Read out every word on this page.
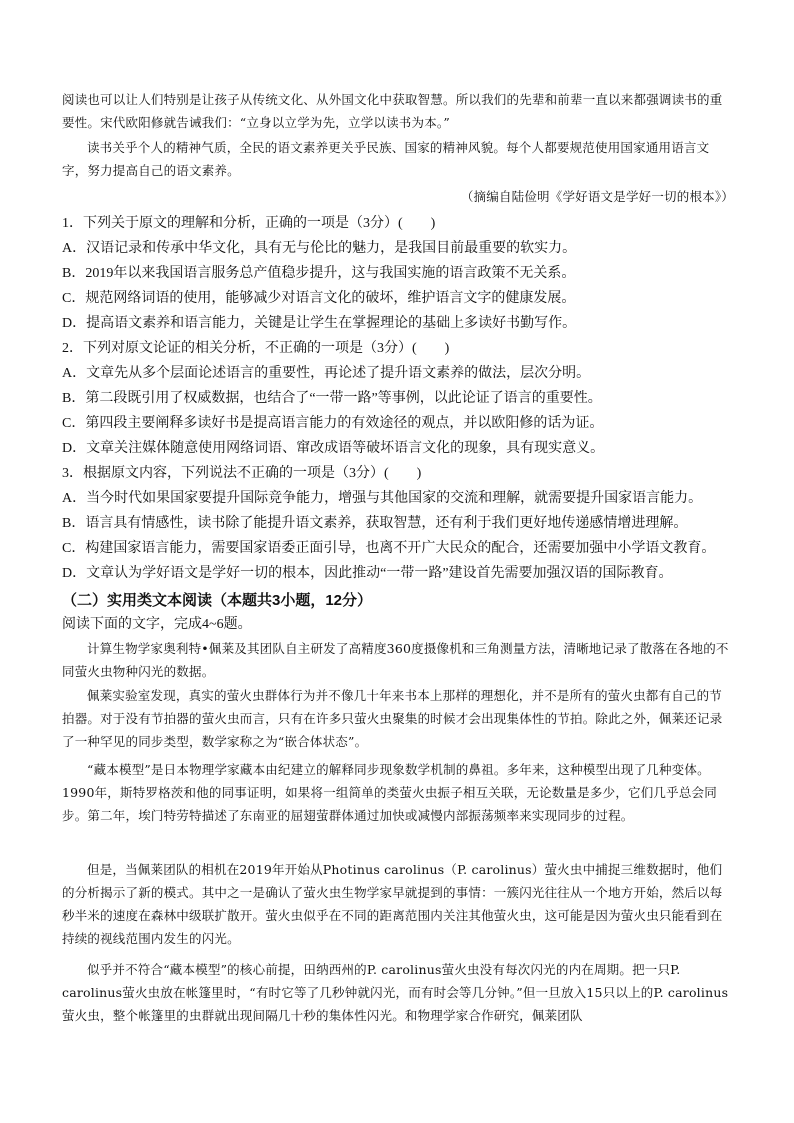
阅读也可以让人们特别是让孩子从传统文化、从外国文化中获取智慧。所以我们的先辈和前辈一直以来都强调读书的重要性。宋代欧阳修就告诫我们：“立身以立学为先，立学以读书为本。”

读书关乎个人的精神气质，全民的语文素养更关乎民族、国家的精神风貌。每个人都要规范使用国家通用语言文字，努力提高自己的语文素养。

（摘编自陆俭明《学好语文是学好一切的根本》）

1．下列关于原文的理解和分析，正确的一项是（3分）(　　)
A．汉语记录和传承中华文化，具有无与伦比的魅力，是我国目前最重要的软实力。
B．2019年以来我国语言服务总产值稳步提升，这与我国实施的语言政策不无关系。
C．规范网络词语的使用，能够减少对语言文化的破坏，维护语言文字的健康发展。
D．提高语文素养和语言能力，关键是让学生在掌握理论的基础上多读好书勤写作。
2．下列对原文论证的相关分析，不正确的一项是（3分）(　　)
A．文章先从多个层面论述语言的重要性，再论述了提升语文素养的做法，层次分明。
B．第二段既引用了权威数据，也结合了“一带一路”等事例，以此论证了语言的重要性。
C．第四段主要阐释多读好书是提高语言能力的有效途径的观点，并以欧阳修的话为证。
D．文章关注媒体随意使用网络词语、窜改成语等破坏语言文化的现象，具有现实意义。
3．根据原文内容，下列说法不正确的一项是（3分）(　　)
A．当今时代如果国家要提升国际竞争能力，增强与其他国家的交流和理解，就需要提升国家语言能力。
B．语言具有情感性，读书除了能提升语文素养，获取智慧，还有利于我们更好地传递感情增进理解。
C．构建国家语言能力，需要国家语委正面引导，也离不开广大民众的配合，还需要加强中小学语文教育。
D．文章认为学好语文是学好一切的根本，因此推动“一带一路”建设首先需要加强汉语的国际教育。
（二）实用类文本阅读（本题共3小题，12分）
阅读下面的文字，完成4~6题。

计算生物学家奥利特•佩莱及其团队自主研发了高精度360度摄像机和三角测量方法，清晰地记录了散落在各地的不同萤火虫物种闪光的数据。

佩莱实验室发现，真实的萤火虫群体行为并不像几十年来书本上那样的理想化，并不是所有的萤火虫都有自己的节拍器。对于没有节拍器的萤火虫而言，只有在许多只萤火虫聚集的时候才会出现集体性的节拍。除此之外，佩莱还记录了一种罕见的同步类型，数学家称之为“嵌合体状态”。

“藏本模型”是日本物理学家藏本由纪建立的解释同步现象数学机制的鼻祖。多年来，这种模型出现了几种变体。1990年，斯特罗格茨和他的同事证明，如果将一组简单的类萤火虫振子相互关联，无论数量是多少，它们几乎总会同步。第二年，埃门特劳特描述了东南亚的屈翅萤群体通过加快或减慢内部振荡频率来实现同步的过程。

但是，当佩莱团队的相机在2019年开始从Photinus carolinus（P. carolinus）萤火虫中捕捉三维数据时，他们的分析揭示了新的模式。其中之一是确认了萤火虫生物学家早就提到的事情：一簇闪光往往从一个地方开始，然后以每秒半米的速度在森林中级联扩散开。萤火虫似乎在不同的距离范围内关注其他萤火虫，这可能是因为萤火虫只能看到在持续的视线范围内发生的闪光。

似乎并不符合“藏本模型”的核心前提，田纳西州的P. carolinus萤火虫没有每次闪光的内在周期。把一只P. carolinus萤火虫放在帐篷里时，“有时它等了几秒钟就闪光，而有时会等几分钟。”但一旦放入15只以上的P. carolinus萤火虫，整个帐篷里的虫群就出现间隔几十秒的集体性闪光。和物理学家合作研究，佩莱团队
